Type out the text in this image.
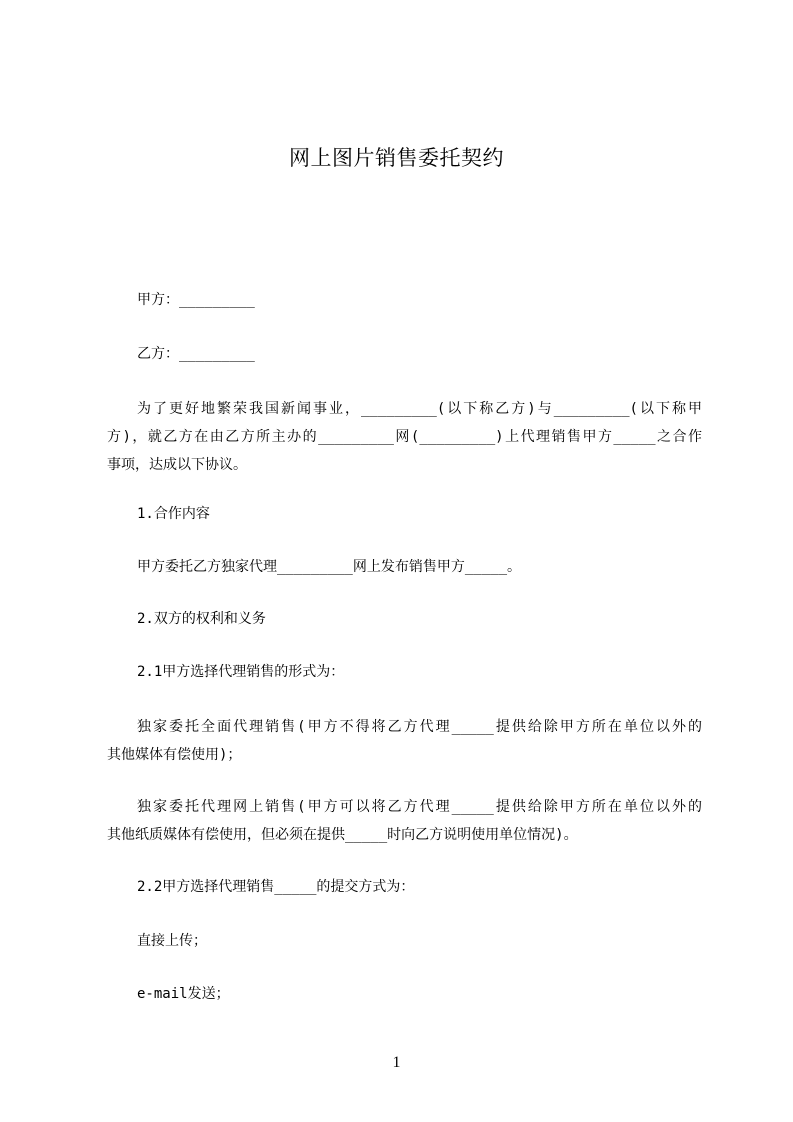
网上图片销售委托契约
甲方：_________
乙方：_________
为了更好地繁荣我国新闻事业，_________(以下称乙方)与_________(以下称甲
方)，就乙方在由乙方所主办的_________网(_________)上代理销售甲方_____之合作
事项，达成以下协议。
1.合作内容
甲方委托乙方独家代理_________网上发布销售甲方_____。
2.双方的权利和义务
2.1甲方选择代理销售的形式为：
独家委托全面代理销售(甲方不得将乙方代理_____提供给除甲方所在单位以外的
其他媒体有偿使用)；
独家委托代理网上销售(甲方可以将乙方代理_____提供给除甲方所在单位以外的
其他纸质媒体有偿使用，但必须在提供_____时向乙方说明使用单位情况)。
2.2甲方选择代理销售_____的提交方式为：
直接上传；
e-mail发送；
1
